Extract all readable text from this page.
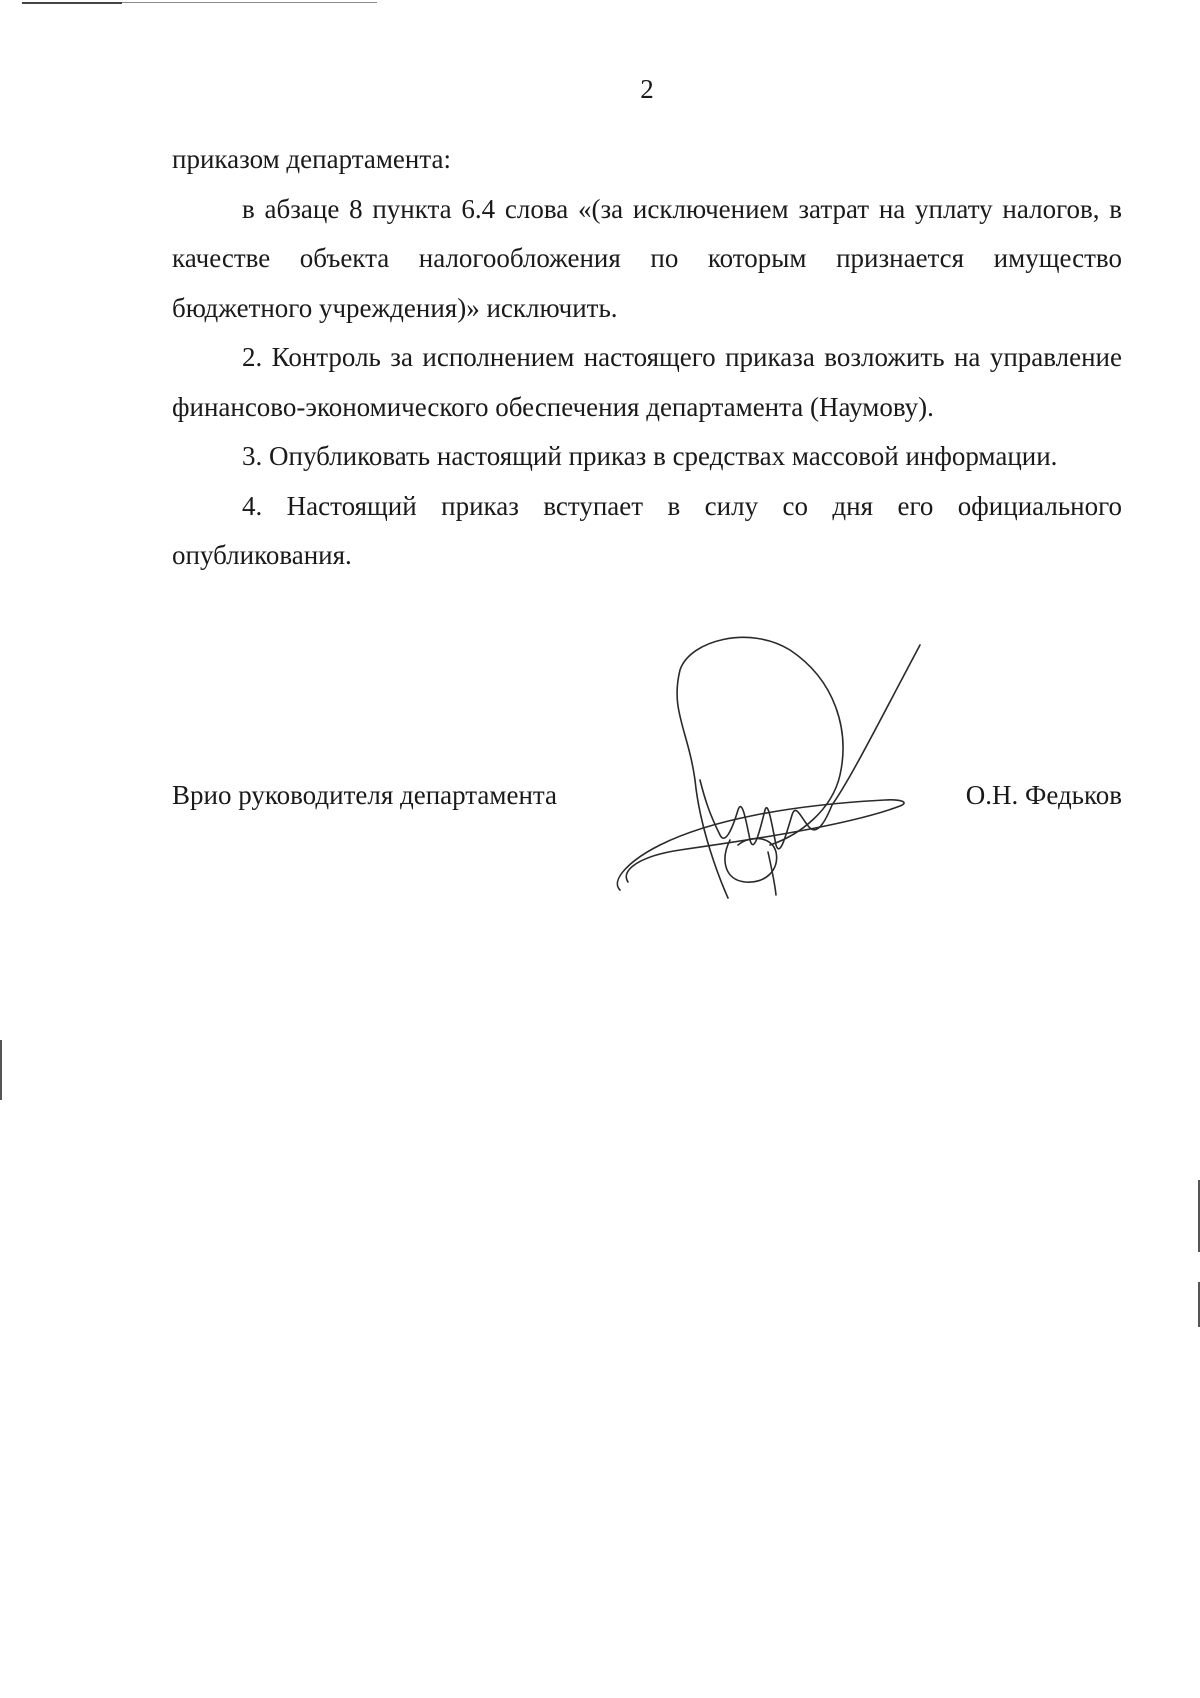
2

приказом департамента:

в абзаце 8 пункта 6.4 слова «(за исключением затрат на уплату налогов, в качестве объекта налогообложения по которым признается имущество бюджетного учреждения)» исключить.

2. Контроль за исполнением настоящего приказа возложить на управление финансово-экономического обеспечения департамента (Наумову).

3. Опубликовать настоящий приказ в средствах массовой информации.

4. Настоящий приказ вступает в силу со дня его официального опубликования.

Врио руководителя департамента	О.Н. Федьков
